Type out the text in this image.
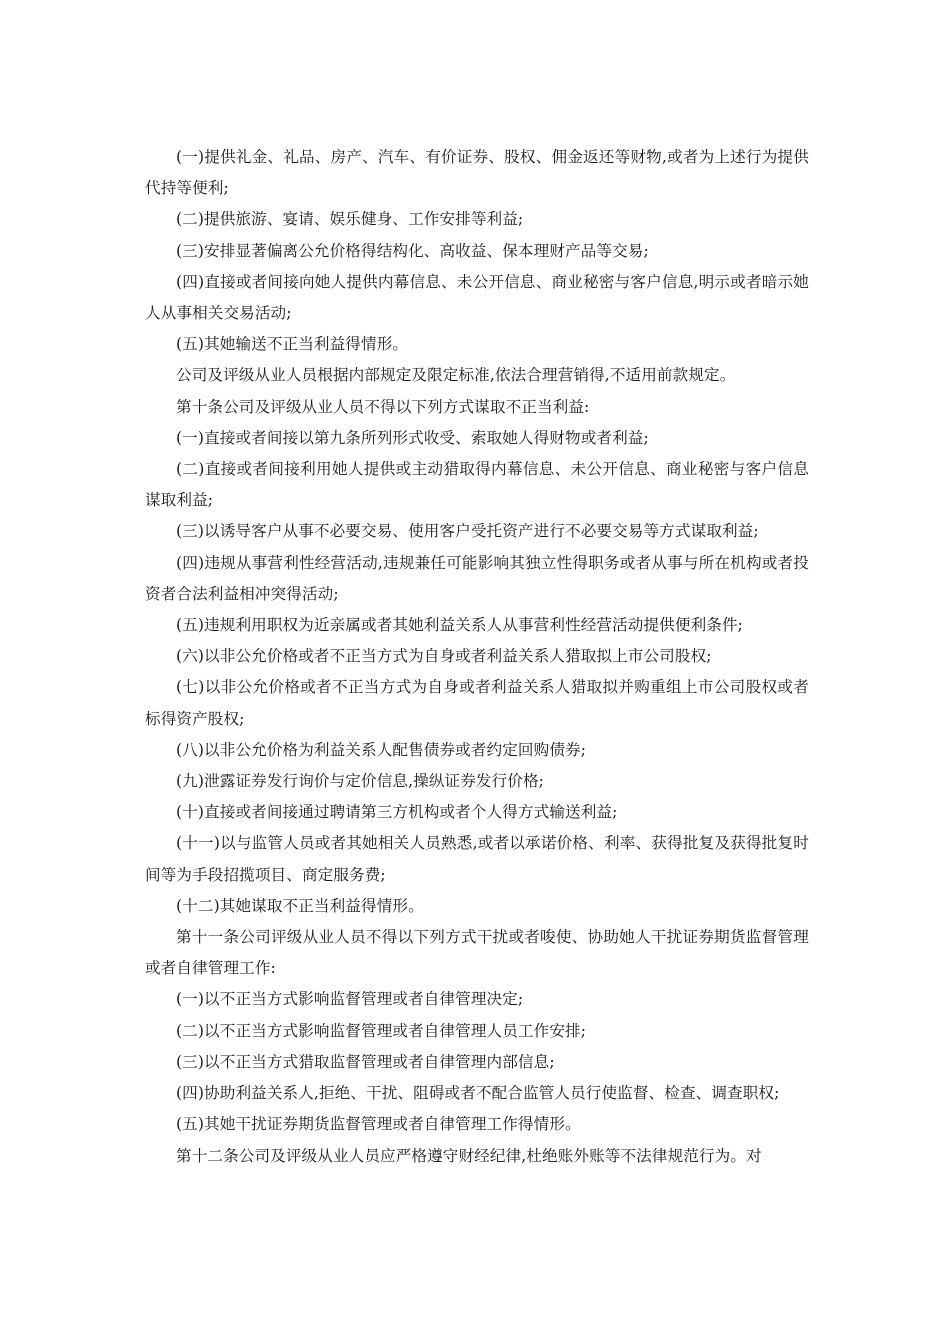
(一)提供礼金、礼品、房产、汽车、有价证券、股权、佣金返还等财物,或者为上述行为提供代持等便利;

(二)提供旅游、宴请、娱乐健身、工作安排等利益;

(三)安排显著偏离公允价格得结构化、高收益、保本理财产品等交易;

(四)直接或者间接向她人提供内幕信息、未公开信息、商业秘密与客户信息,明示或者暗示她人从事相关交易活动;

(五)其她输送不正当利益得情形。

公司及评级从业人员根据内部规定及限定标准,依法合理营销得,不适用前款规定。

第十条公司及评级从业人员不得以下列方式谋取不正当利益:

(一)直接或者间接以第九条所列形式收受、索取她人得财物或者利益;

(二)直接或者间接利用她人提供或主动猎取得内幕信息、未公开信息、商业秘密与客户信息谋取利益;

(三)以诱导客户从事不必要交易、使用客户受托资产进行不必要交易等方式谋取利益;

(四)违规从事营利性经营活动,违规兼任可能影响其独立性得职务或者从事与所在机构或者投资者合法利益相冲突得活动;

(五)违规利用职权为近亲属或者其她利益关系人从事营利性经营活动提供便利条件;

(六)以非公允价格或者不正当方式为自身或者利益关系人猎取拟上市公司股权;

(七)以非公允价格或者不正当方式为自身或者利益关系人猎取拟并购重组上市公司股权或者标得资产股权;

(八)以非公允价格为利益关系人配售债券或者约定回购债券;

(九)泄露证券发行询价与定价信息,操纵证券发行价格;

(十)直接或者间接通过聘请第三方机构或者个人得方式输送利益;

(十一)以与监管人员或者其她相关人员熟悉,或者以承诺价格、利率、获得批复及获得批复时间等为手段招揽项目、商定服务费;

(十二)其她谋取不正当利益得情形。

第十一条公司评级从业人员不得以下列方式干扰或者唆使、协助她人干扰证券期货监督管理或者自律管理工作:

(一)以不正当方式影响监督管理或者自律管理决定;

(二)以不正当方式影响监督管理或者自律管理人员工作安排;

(三)以不正当方式猎取监督管理或者自律管理内部信息;

(四)协助利益关系人,拒绝、干扰、阻碍或者不配合监管人员行使监督、检查、调查职权;

(五)其她干扰证券期货监督管理或者自律管理工作得情形。

第十二条公司及评级从业人员应严格遵守财经纪律,杜绝账外账等不法律规范行为。对
